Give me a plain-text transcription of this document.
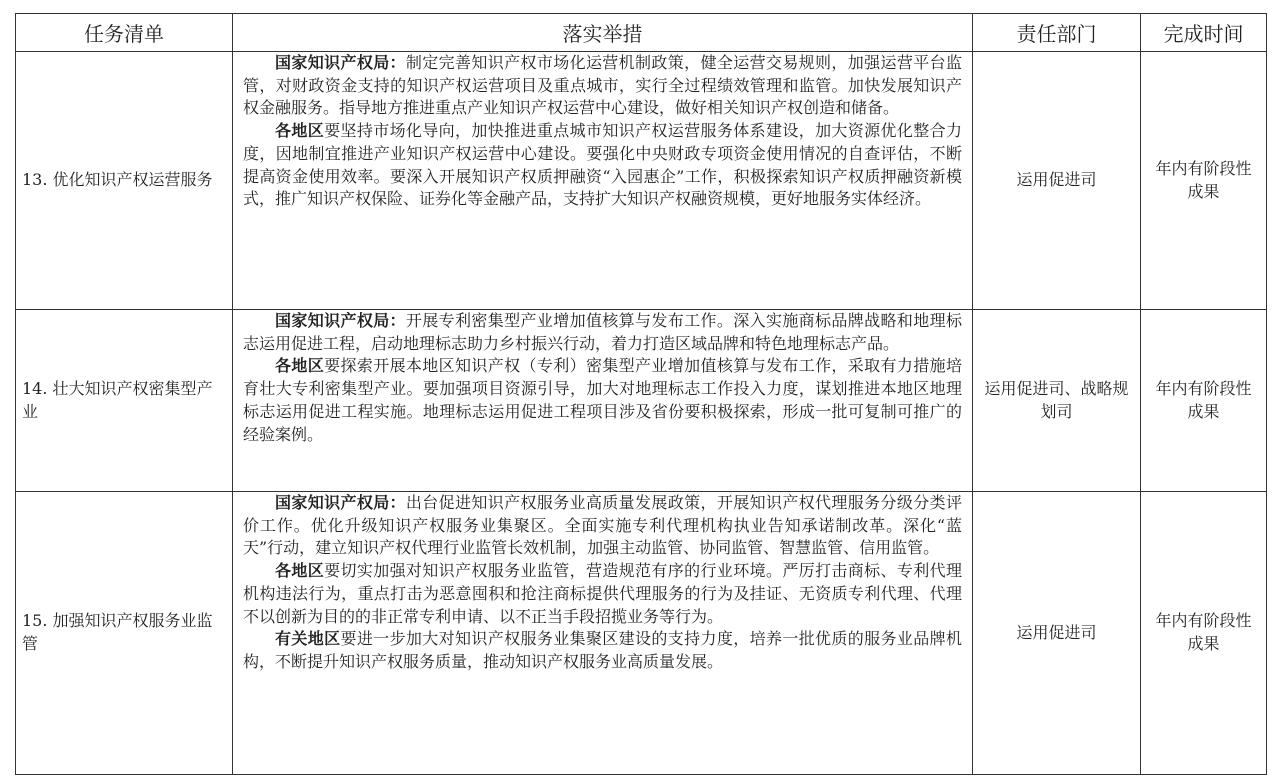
任务清单	落实举措	责任部门	完成时间
13. 优化知识产权运营服务	国家知识产权局：制定完善知识产权市场化运营机制政策，健全运营交易规则，加强运营平台监管，对财政资金支持的知识产权运营项目及重点城市，实行全过程绩效管理和监管。加快发展知识产权金融服务。指导地方推进重点产业知识产权运营中心建设，做好相关知识产权创造和储备。

各地区要坚持市场化导向，加快推进重点城市知识产权运营服务体系建设，加大资源优化整合力度，因地制宜推进产业知识产权运营中心建设。要强化中央财政专项资金使用情况的自查评估，不断提高资金使用效率。要深入开展知识产权质押融资“入园惠企”工作，积极探索知识产权质押融资新模式，推广知识产权保险、证券化等金融产品，支持扩大知识产权融资规模，更好地服务实体经济。	运用促进司	年内有阶段性成果
14. 壮大知识产权密集型产业	国家知识产权局：开展专利密集型产业增加值核算与发布工作。深入实施商标品牌战略和地理标志运用促进工程，启动地理标志助力乡村振兴行动，着力打造区域品牌和特色地理标志产品。

各地区要探索开展本地区知识产权（专利）密集型产业增加值核算与发布工作，采取有力措施培育壮大专利密集型产业。要加强项目资源引导，加大对地理标志工作投入力度，谋划推进本地区地理标志运用促进工程实施。地理标志运用促进工程项目涉及省份要积极探索，形成一批可复制可推广的经验案例。	运用促进司、战略规划司	年内有阶段性成果
15. 加强知识产权服务业监管	国家知识产权局：出台促进知识产权服务业高质量发展政策，开展知识产权代理服务分级分类评价工作。优化升级知识产权服务业集聚区。全面实施专利代理机构执业告知承诺制改革。深化“蓝天”行动，建立知识产权代理行业监管长效机制，加强主动监管、协同监管、智慧监管、信用监管。

各地区要切实加强对知识产权服务业监管，营造规范有序的行业环境。严厉打击商标、专利代理机构违法行为，重点打击为恶意囤积和抢注商标提供代理服务的行为及挂证、无资质专利代理、代理不以创新为目的的非正常专利申请、以不正当手段招揽业务等行为。

有关地区要进一步加大对知识产权服务业集聚区建设的支持力度，培养一批优质的服务业品牌机构，不断提升知识产权服务质量，推动知识产权服务业高质量发展。	运用促进司	年内有阶段性成果
